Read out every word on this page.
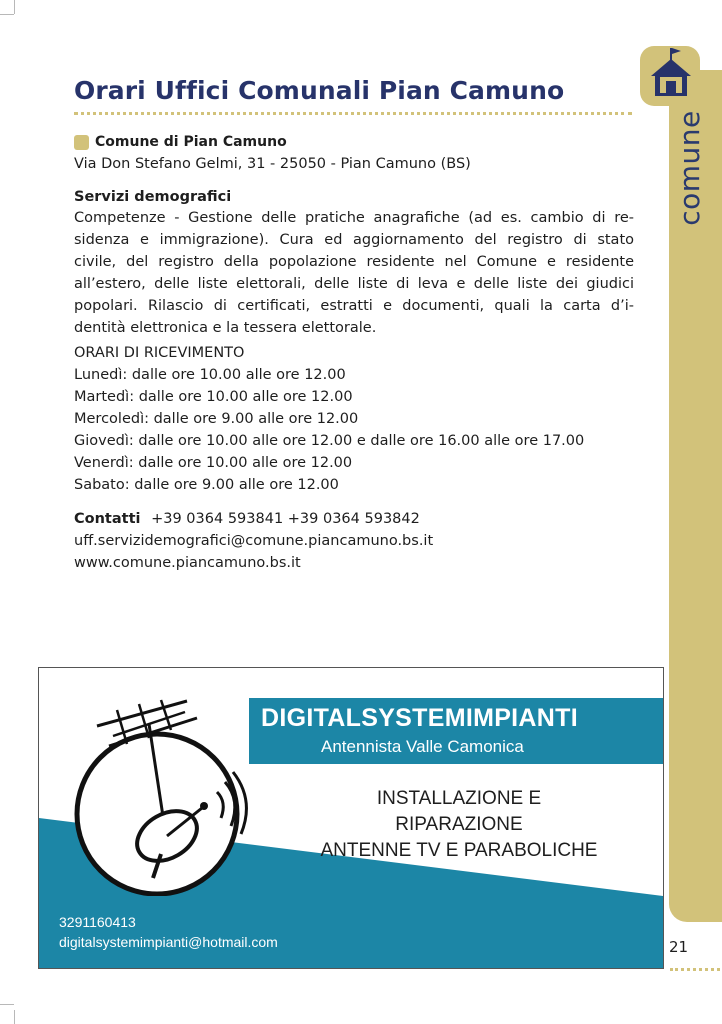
comune
Orari Uffici Comunali Pian Camuno
Comune di Pian Camuno
Via Don Stefano Gelmi, 31 - 25050 - Pian Camuno (BS)
Servizi demografici
Competenze - Gestione delle pratiche anagrafiche (ad es. cambio di re-
sidenza e immigrazione). Cura ed aggiornamento del registro di stato
civile, del registro della popolazione residente nel Comune e residente
all’estero, delle liste elettorali, delle liste di leva e delle liste dei giudici
popolari. Rilascio di certificati, estratti e documenti, quali la carta d’i-
dentità elettronica e la tessera elettorale.
ORARI DI RICEVIMENTO
Lunedì: dalle ore 10.00 alle ore 12.00
Martedì: dalle ore 10.00 alle ore 12.00
Mercoledì: dalle ore 9.00 alle ore 12.00
Giovedì: dalle ore 10.00 alle ore 12.00 e dalle ore 16.00 alle ore 17.00
Venerdì: dalle ore 10.00 alle ore 12.00
Sabato: dalle ore 9.00 alle ore 12.00
Contatti +39 0364 593841 +39 0364 593842
uff.servizidemografici@comune.piancamuno.bs.it
www.comune.piancamuno.bs.it
DIGITALSYSTEMIMPIANTI
Antennista Valle Camonica
INSTALLAZIONE E
RIPARAZIONE
ANTENNE TV E PARABOLICHE
3291160413
digitalsystemimpianti@hotmail.com	21
